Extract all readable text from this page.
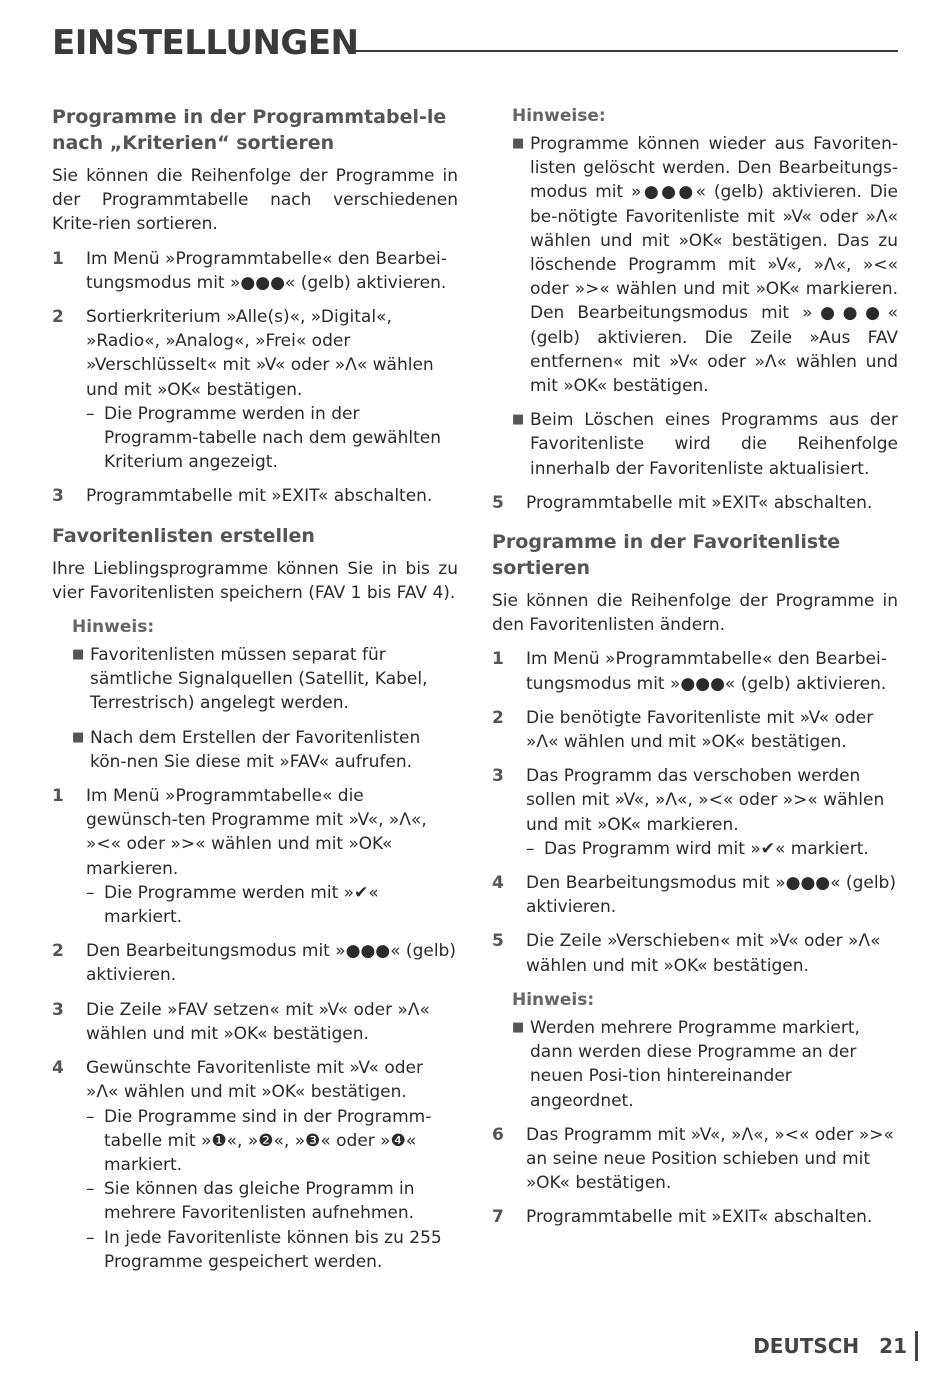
EINSTELLUNGEN
Programme in der Programmtabel-le nach „Kriterien“ sortieren

Sie können die Reihenfolge der Programme in der Programmtabelle nach verschiedenen Krite-rien sortieren.

1	Im Menü »Programmtabelle« den Bearbei-tungsmodus mit »●●●« (gelb) aktivieren.
2	Sortierkriterium »Alle(s)«, »Digital«, »Radio«, »Analog«, »Frei« oder »Verschlüsselt« mit »V« oder »Λ« wählen und mit »OK« bestätigen.
– Die Programme werden in der Programm-tabelle nach dem gewählten Kriterium angezeigt.
3	Programmtabelle mit »EXIT« abschalten.
Favoritenlisten erstellen

Ihre Lieblingsprogramme können Sie in bis zu vier Favoritenlisten speichern (FAV 1 bis FAV 4).

Hinweis:
■ Favoritenlisten müssen separat für sämtliche Signalquellen (Satellit, Kabel, Terrestrisch) angelegt werden.
■ Nach dem Erstellen der Favoritenlisten kön-nen Sie diese mit »FAV« aufrufen.
1	Im Menü »Programmtabelle« die gewünsch-ten Programme mit »V«, »Λ«, »<« oder »>« wählen und mit »OK« markieren.
– Die Programme werden mit »✔« markiert.
2	Den Bearbeitungsmodus mit »●●●« (gelb) aktivieren.
3	Die Zeile »FAV setzen« mit »V« oder »Λ« wählen und mit »OK« bestätigen.
4	Gewünschte Favoritenliste mit »V« oder »Λ« wählen und mit »OK« bestätigen.
– Die Programme sind in der Programm-tabelle mit »❶«, »❷«, »❸« oder »❹« markiert.
– Sie können das gleiche Programm in mehrere Favoritenlisten aufnehmen.
– In jede Favoritenliste können bis zu 255 Programme gespeichert werden.
Hinweise:
■ Programme können wieder aus Favoriten-listen gelöscht werden. Den Bearbeitungs-modus mit »●●●« (gelb) aktivieren. Die be-nötigte Favoritenliste mit »V« oder »Λ« wählen und mit »OK« bestätigen. Das zu löschende Programm mit »V«, »Λ«, »<« oder »>« wählen und mit »OK« markieren. Den Bearbeitungsmodus mit »●●●« (gelb) aktivieren. Die Zeile »Aus FAV entfernen« mit »V« oder »Λ« wählen und mit »OK« bestätigen.
■ Beim Löschen eines Programms aus der Favoritenliste wird die Reihenfolge innerhalb der Favoritenliste aktualisiert.
5	Programmtabelle mit »EXIT« abschalten.
Programme in der Favoritenliste sortieren

Sie können die Reihenfolge der Programme in den Favoritenlisten ändern.

1	Im Menü »Programmtabelle« den Bearbei-tungsmodus mit »●●●« (gelb) aktivieren.
2	Die benötigte Favoritenliste mit »V« oder »Λ« wählen und mit »OK« bestätigen.
3	Das Programm das verschoben werden sollen mit »V«, »Λ«, »<« oder »>« wählen und mit »OK« markieren.
– Das Programm wird mit »✔« markiert.
4	Den Bearbeitungsmodus mit »●●●« (gelb) aktivieren.
5	Die Zeile »Verschieben« mit »V« oder »Λ« wählen und mit »OK« bestätigen.
Hinweis:
■ Werden mehrere Programme markiert, dann werden diese Programme an der neuen Posi-tion hintereinander angeordnet.
6	Das Programm mit »V«, »Λ«, »<« oder »>« an seine neue Position schieben und mit »OK« bestätigen.
7	Programmtabelle mit »EXIT« abschalten.
DEUTSCH	21
